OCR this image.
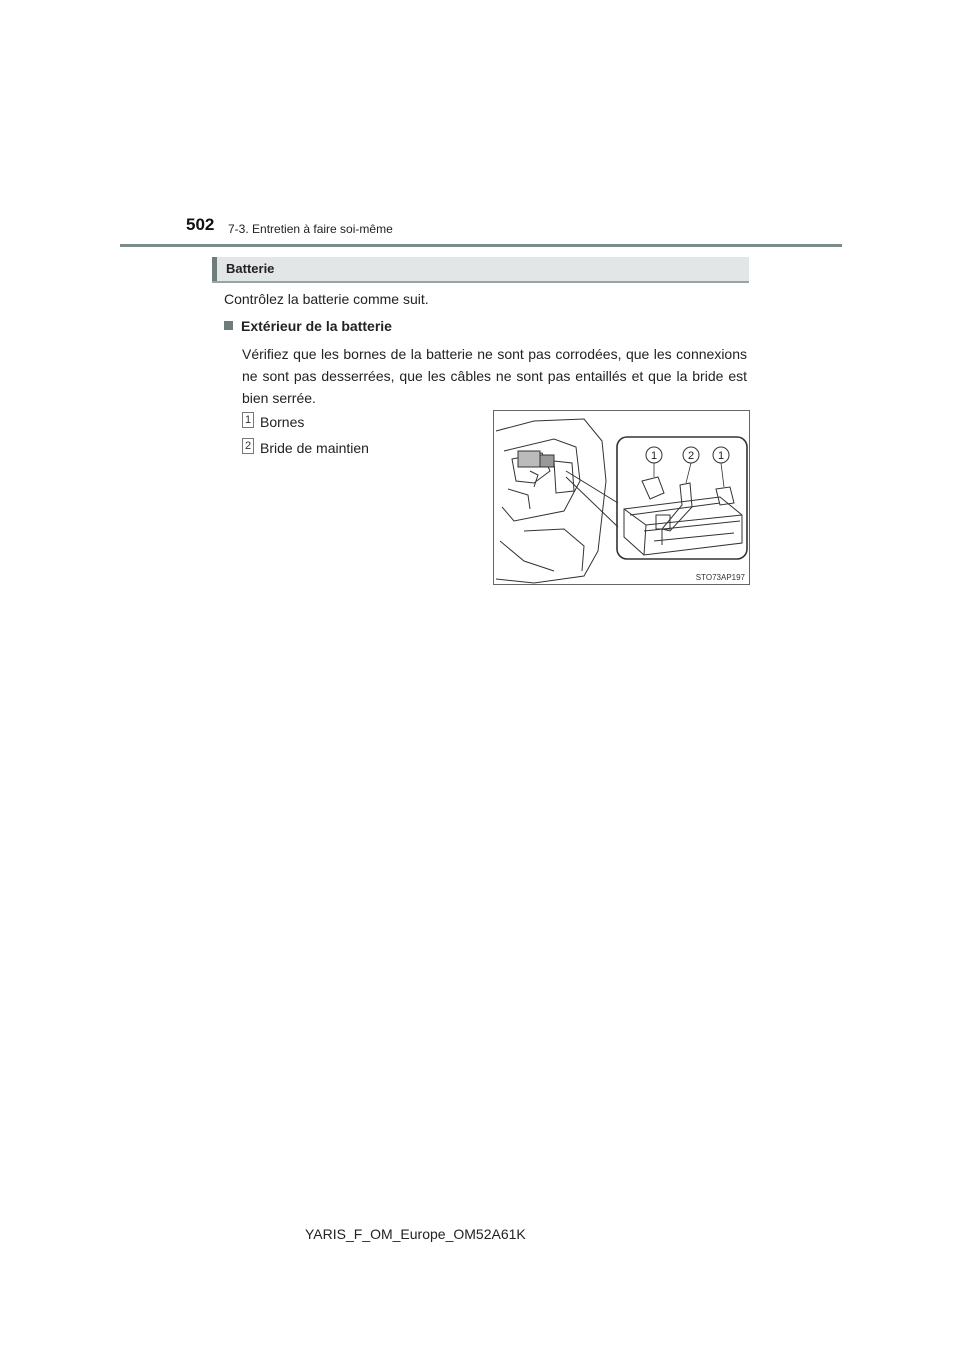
502 7-3. Entretien à faire soi-même
Batterie
Contrôlez la batterie comme suit.
Extérieur de la batterie
Vérifiez que les bornes de la batterie ne sont pas corrodées, que les connexions ne sont pas desserrées, que les câbles ne sont pas entaillés et que la bride est bien serrée.
1 Bornes
2 Bride de maintien	1	2 1
STO73AP197
YARIS_F_OM_Europe_OM52A61K
